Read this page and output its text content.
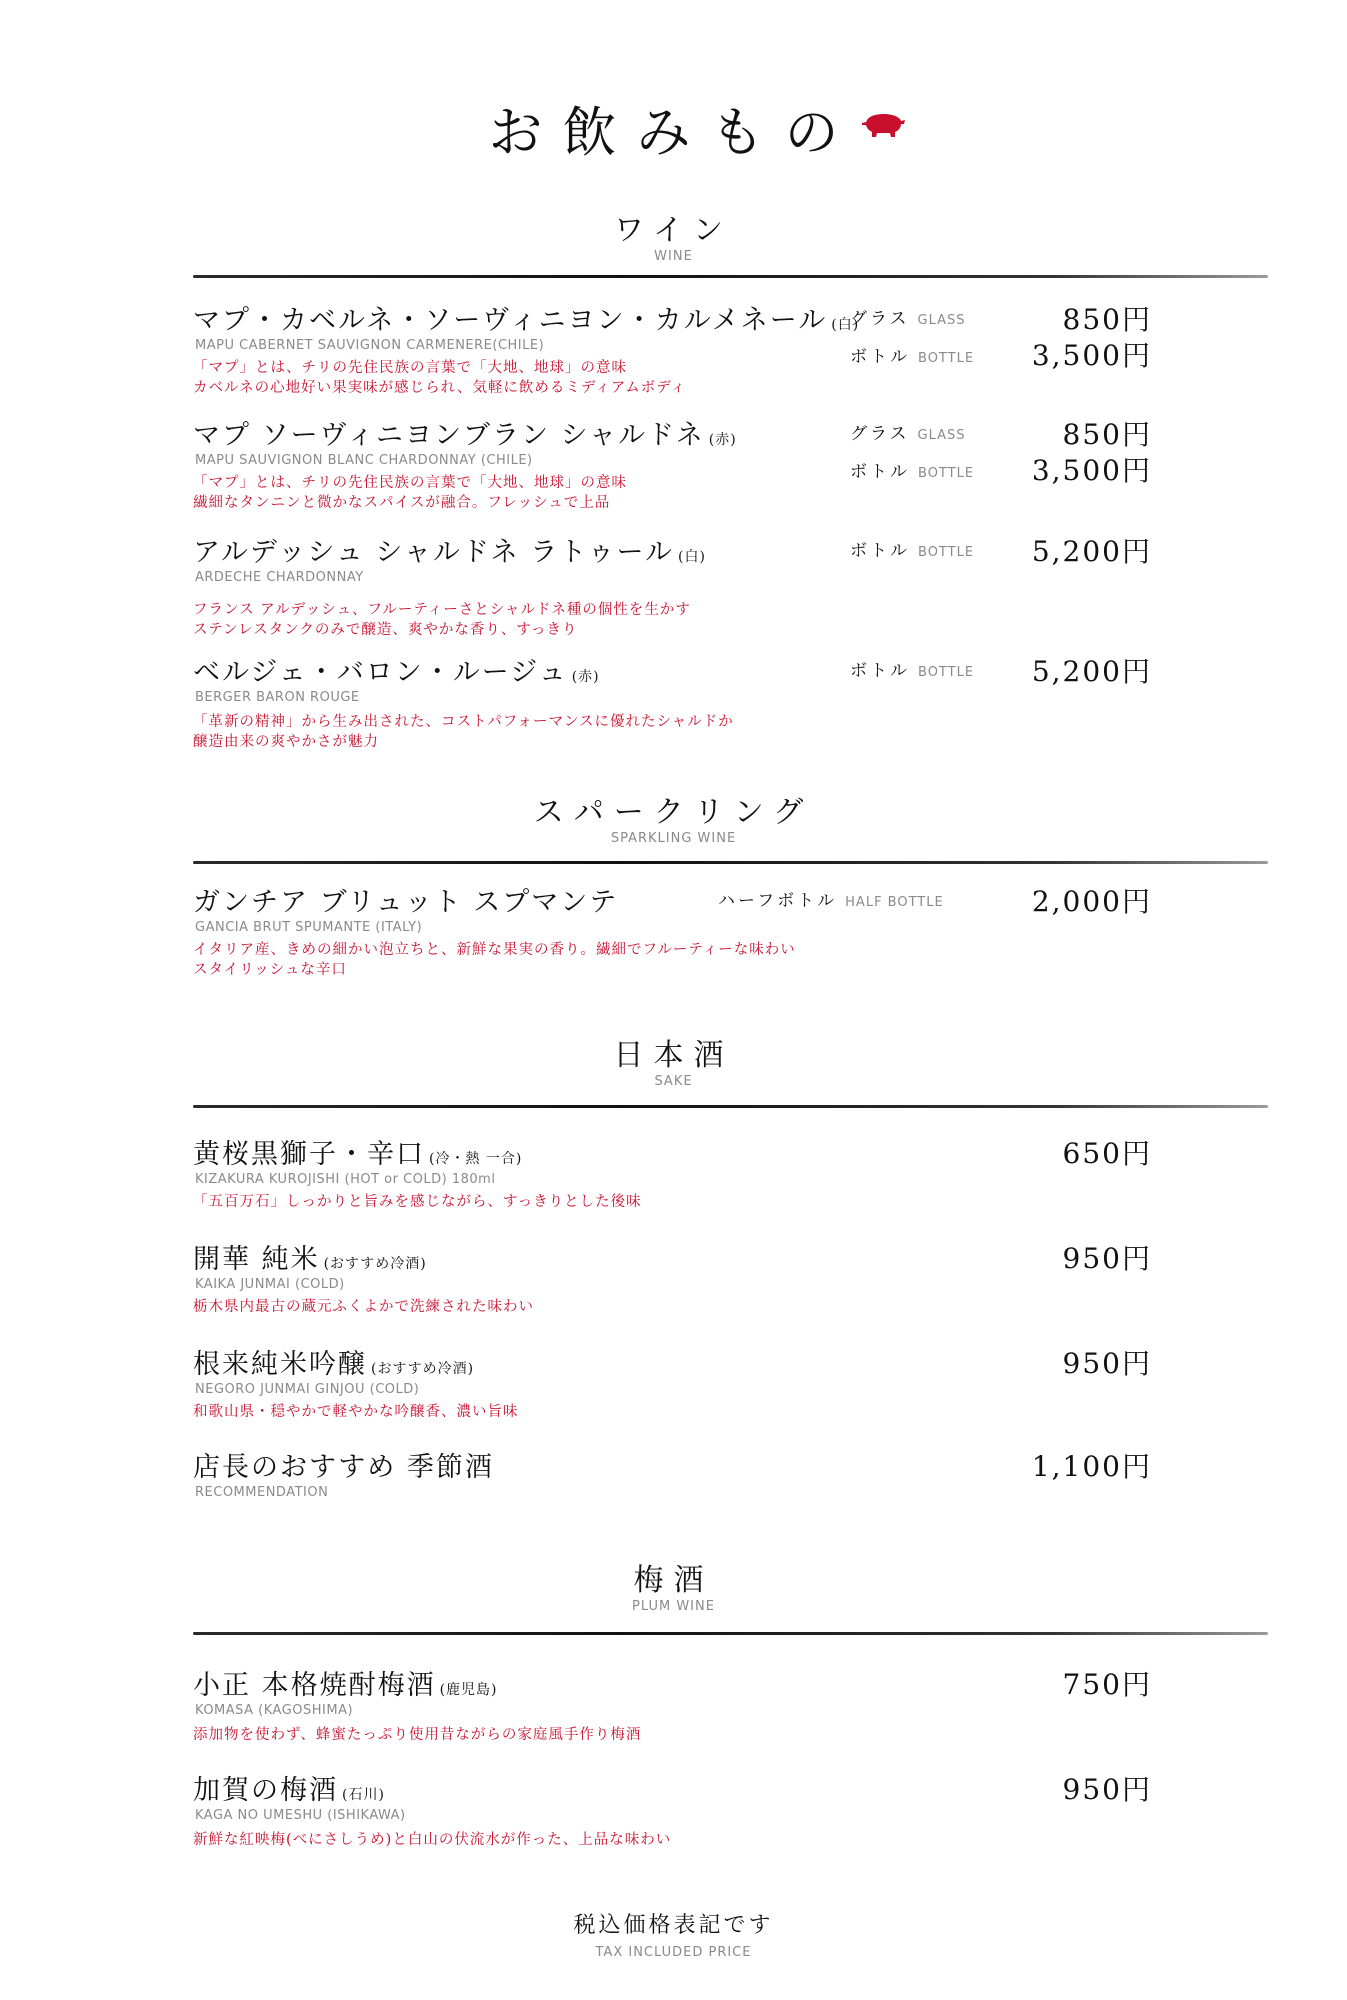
お飲みもの
ワイン
WINE
マプ・カベルネ・ソーヴィニヨン・カルメネール (白)
MAPU CABERNET SAUVIGNON CARMENERE(CHILE)
「マプ」とは、チリの先住民族の言葉で「大地、地球」の意味
カベルネの心地好い果実味が感じられ、気軽に飲めるミディアムボディ
グラス GLASS	850円
ボトル BOTTLE 3,500円
マプ ソーヴィニヨンブラン シャルドネ (赤)
MAPU SAUVIGNON BLANC CHARDONNAY (CHILE)
「マプ」とは、チリの先住民族の言葉で「大地、地球」の意味
繊細なタンニンと微かなスパイスが融合。フレッシュで上品
グラス GLASS	850円
ボトル BOTTLE 3,500円
アルデッシュ シャルドネ ラトゥール (白)
ARDECHE CHARDONNAY
フランス アルデッシュ、フルーティーさとシャルドネ種の個性を生かす
ステンレスタンクのみで醸造、爽やかな香り、すっきり
ボトル BOTTLE 5,200円
ベルジェ・バロン・ルージュ (赤)
BERGER BARON ROUGE
「革新の精神」から生み出された、コストパフォーマンスに優れたシャルドか
醸造由来の爽やかさが魅力
ボトル BOTTLE 5,200円
スパークリング
SPARKLING WINE
ガンチア ブリュット スプマンテ
GANCIA BRUT SPUMANTE (ITALY)
イタリア産、きめの細かい泡立ちと、新鮮な果実の香り。繊細でフルーティーな味わい
スタイリッシュな辛口
ハーフボトル HALF BOTTLE	2,000円
日本酒
SAKE
黄桜黒獅子・辛口 (冷・熱 一合)
KIZAKURA KUROJISHI (HOT or COLD) 180ml
「五百万石」しっかりと旨みを感じながら、すっきりとした後味
650円
開華 純米 (おすすめ冷酒)
KAIKA JUNMAI (COLD)
栃木県内最古の蔵元ふくよかで洗練された味わい
950円
根来純米吟醸 (おすすめ冷酒)
NEGORO JUNMAI GINJOU (COLD)
和歌山県・穏やかで軽やかな吟醸香、濃い旨味
950円
店長のおすすめ 季節酒
RECOMMENDATION
1,100円
梅酒
PLUM WINE
小正 本格焼酎梅酒 (鹿児島)
KOMASA (KAGOSHIMA)
添加物を使わず、蜂蜜たっぷり使用昔ながらの家庭風手作り梅酒
750円
加賀の梅酒 (石川)
KAGA NO UMESHU (ISHIKAWA)
新鮮な紅映梅(べにさしうめ)と白山の伏流水が作った、上品な味わい
950円
税込価格表記です
TAX INCLUDED PRICE
